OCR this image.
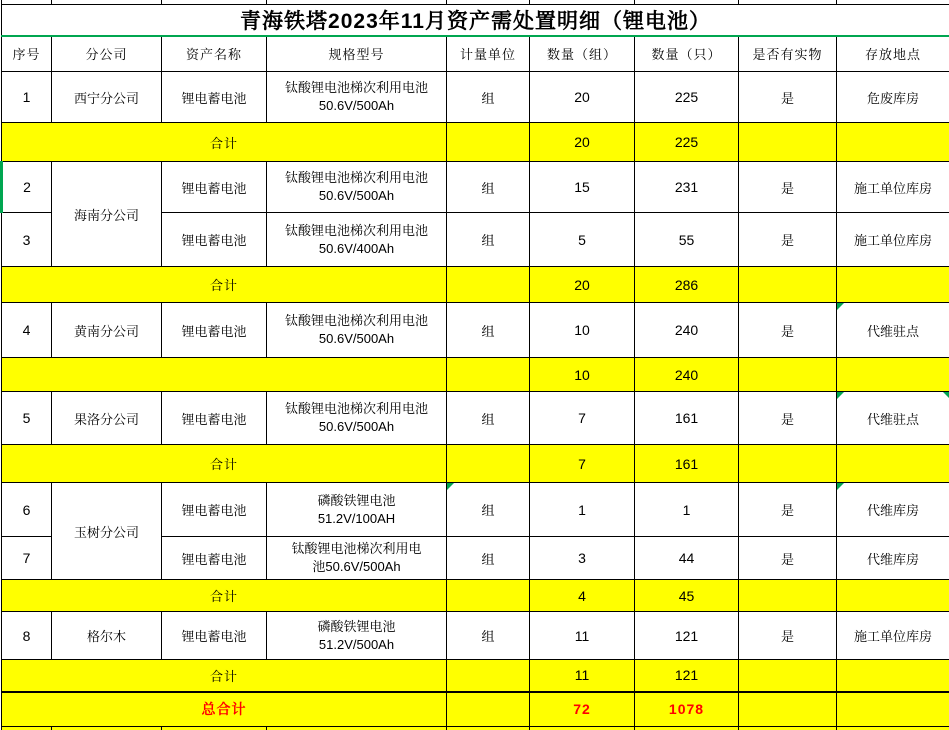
青海铁塔2023年11月资产需处置明细（锂电池）								
序号	分公司	资产名称	规格型号	计量单位	数量（组）	数量（只）	是否有实物	存放地点
1	西宁分公司	锂电蓄电池	钛酸锂电池梯次利用电池
50.6V/500Ah	组	20	225	是	危废库房
合计					20	225		
2	海南分公司	锂电蓄电池	钛酸锂电池梯次利用电池
50.6V/500Ah	组	15	231	是	施工单位库房
3		锂电蓄电池	钛酸锂电池梯次利用电池
50.6V/400Ah	组	5	55	是	施工单位库房
合计					20	286		
4	黄南分公司	锂电蓄电池	钛酸锂电池梯次利用电池
50.6V/500Ah	组	10	240	是	代维驻点
					10	240		
5	果洛分公司	锂电蓄电池	钛酸锂电池梯次利用电池
50.6V/500Ah	组	7	161	是	代维驻点
合计					7	161		
6	玉树分公司	锂电蓄电池	磷酸铁锂电池
51.2V/100AH	组	1	1	是	代维库房
7		锂电蓄电池	钛酸锂电池梯次利用电
池50.6V/500Ah	组	3	44	是	代维库房
合计					4	45		
8	格尔木	锂电蓄电池	磷酸铁锂电池
51.2V/500Ah	组	11	121	是	施工单位库房
合计					11	121		
总合计					72	1078		
